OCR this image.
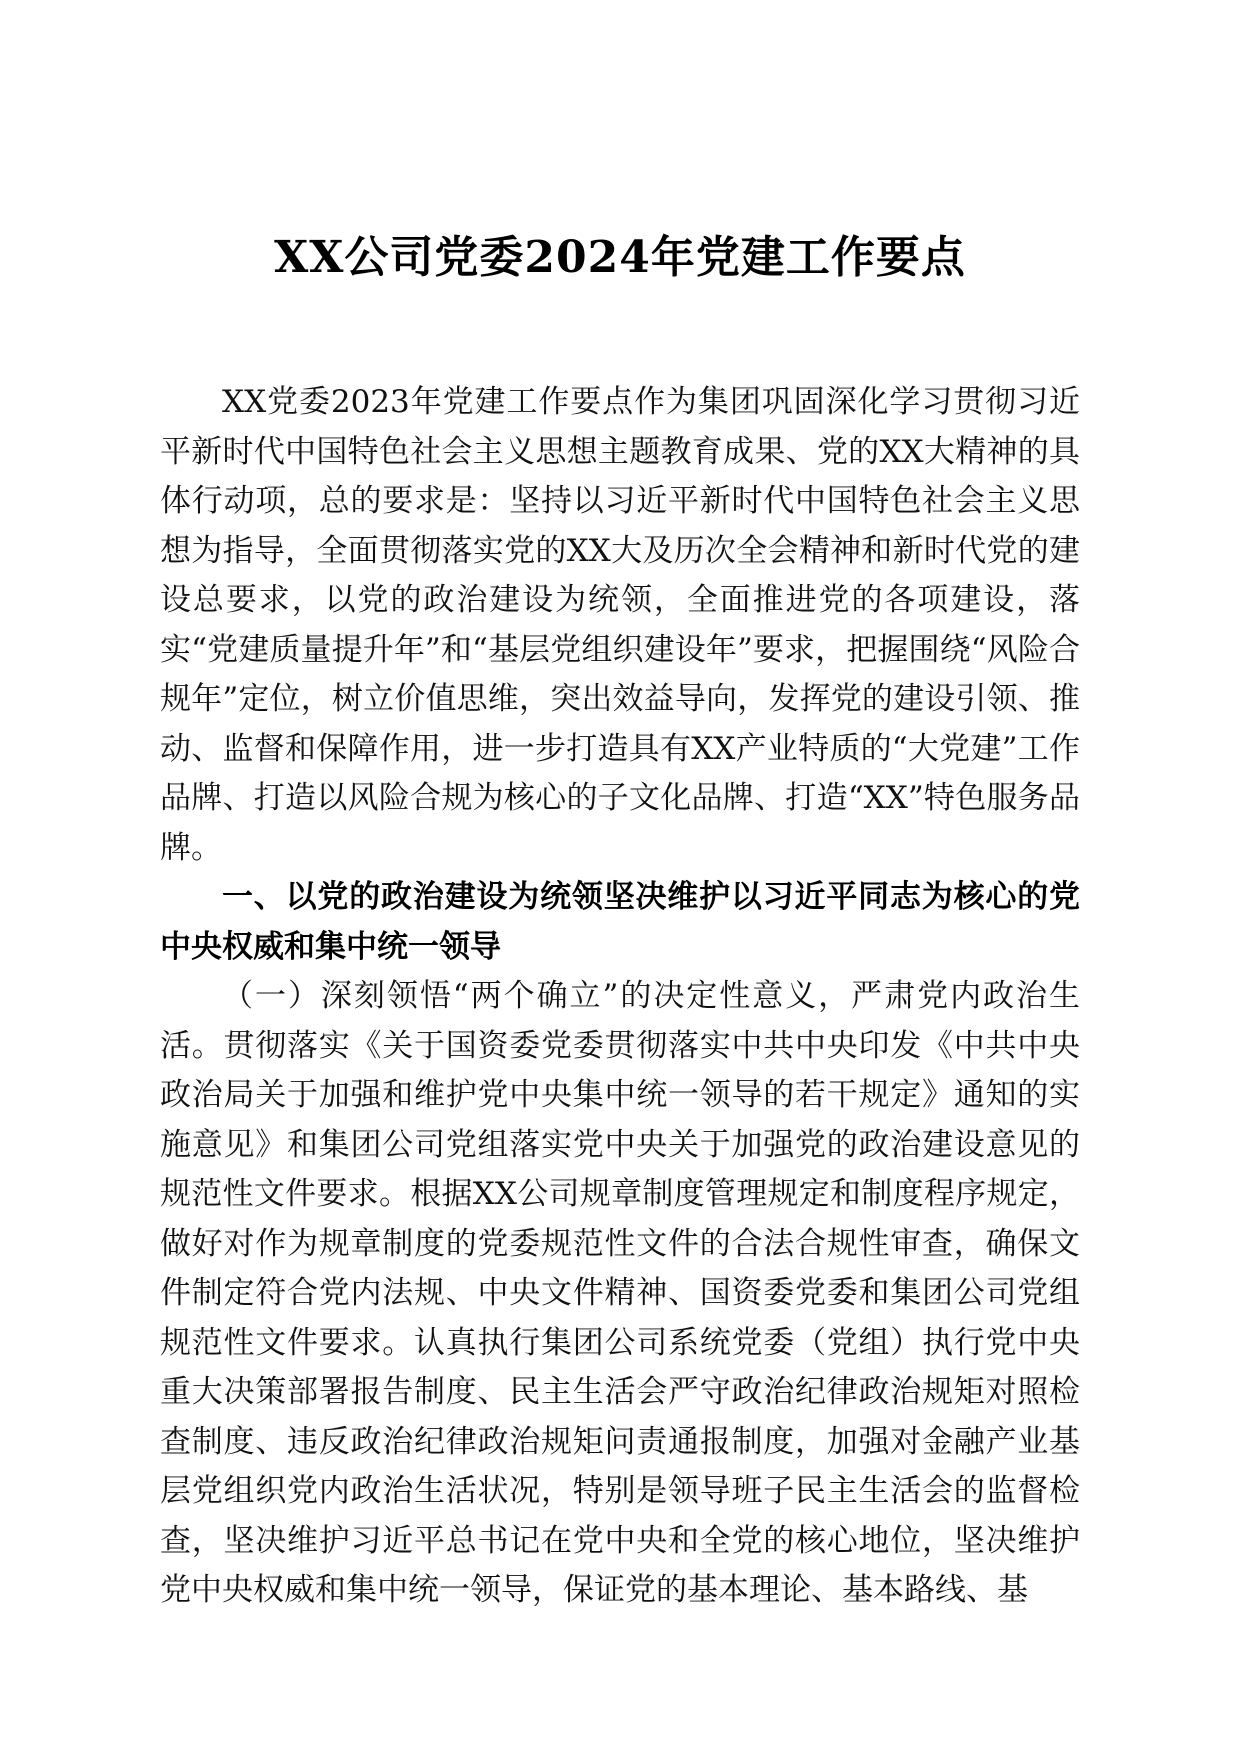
XX公司党委2024年党建工作要点

XX党委2023年党建工作要点作为集团巩固深化学习贯彻习近平新时代中国特色社会主义思想主题教育成果、党的XX大精神的具体行动项，总的要求是：坚持以习近平新时代中国特色社会主义思想为指导，全面贯彻落实党的XX大及历次全会精神和新时代党的建设总要求，以党的政治建设为统领，全面推进党的各项建设，落实“党建质量提升年”和“基层党组织建设年”要求，把握围绕“风险合规年”定位，树立价值思维，突出效益导向，发挥党的建设引领、推动、监督和保障作用，进一步打造具有XX产业特质的“大党建”工作品牌、打造以风险合规为核心的子文化品牌、打造“XX”特色服务品牌。

一、以党的政治建设为统领坚决维护以习近平同志为核心的党中央权威和集中统一领导

（一）深刻领悟“两个确立”的决定性意义，严肃党内政治生活。贯彻落实《关于国资委党委贯彻落实中共中央印发《中共中央政治局关于加强和维护党中央集中统一领导的若干规定》通知的实施意见》和集团公司党组落实党中央关于加强党的政治建设意见的规范性文件要求。根据XX公司规章制度管理规定和制度程序规定，做好对作为规章制度的党委规范性文件的合法合规性审查，确保文件制定符合党内法规、中央文件精神、国资委党委和集团公司党组规范性文件要求。认真执行集团公司系统党委（党组）执行党中央重大决策部署报告制度、民主生活会严守政治纪律政治规矩对照检查制度、违反政治纪律政治规矩问责通报制度，加强对金融产业基层党组织党内政治生活状况，特别是领导班子民主生活会的监督检查，坚决维护习近平总书记在党中央和全党的核心地位，坚决维护党中央权威和集中统一领导，保证党的基本理论、基本路线、基
